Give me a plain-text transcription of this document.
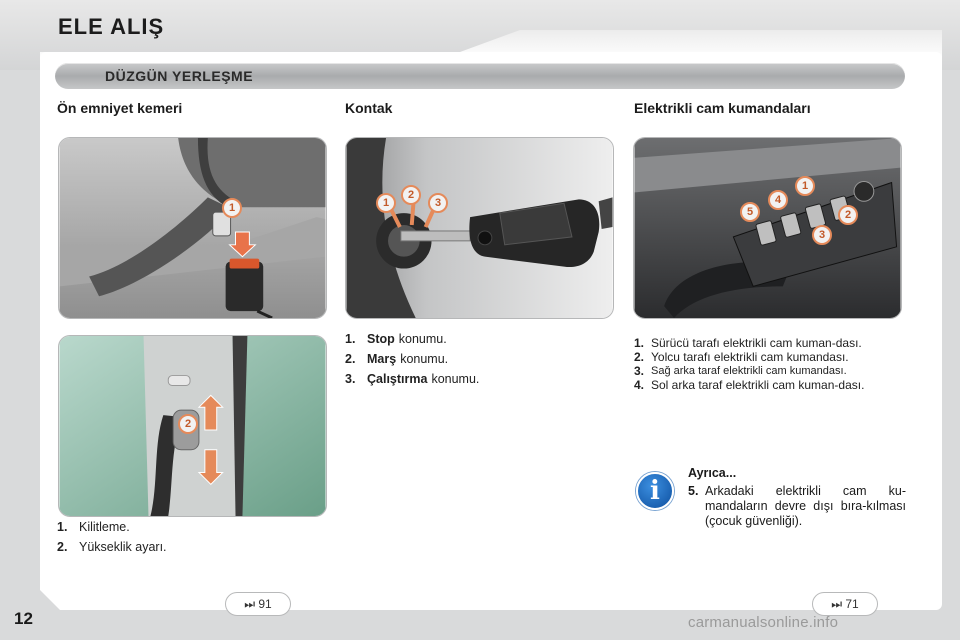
ELE ALIŞ
DÜZGÜN YERLEŞME
Ön emniyet kemeri	Kontak	Elektrikli cam kumandaları
1
2
1
2
3
1
2
3
4
5
1. Kilitleme.
2. Yükseklik ayarı.
1. Stop konumu.
2. Marş konumu.
3. Çalıştırma konumu.
1. Sürücü tarafı elektrikli cam kuman-dası.
2. Yolcu tarafı elektrikli cam kumandası.
3. Sağ arka taraf elektrikli cam kumandası.
4. Sol arka taraf elektrikli cam kuman-dası.
i
Ayrıca...
5. Arkadaki elektrikli cam ku-mandaların devre dışı bıra-kılması (çocuk güvenliği).
⏭ 91	⏭ 71
12	carmanualsonline.info
